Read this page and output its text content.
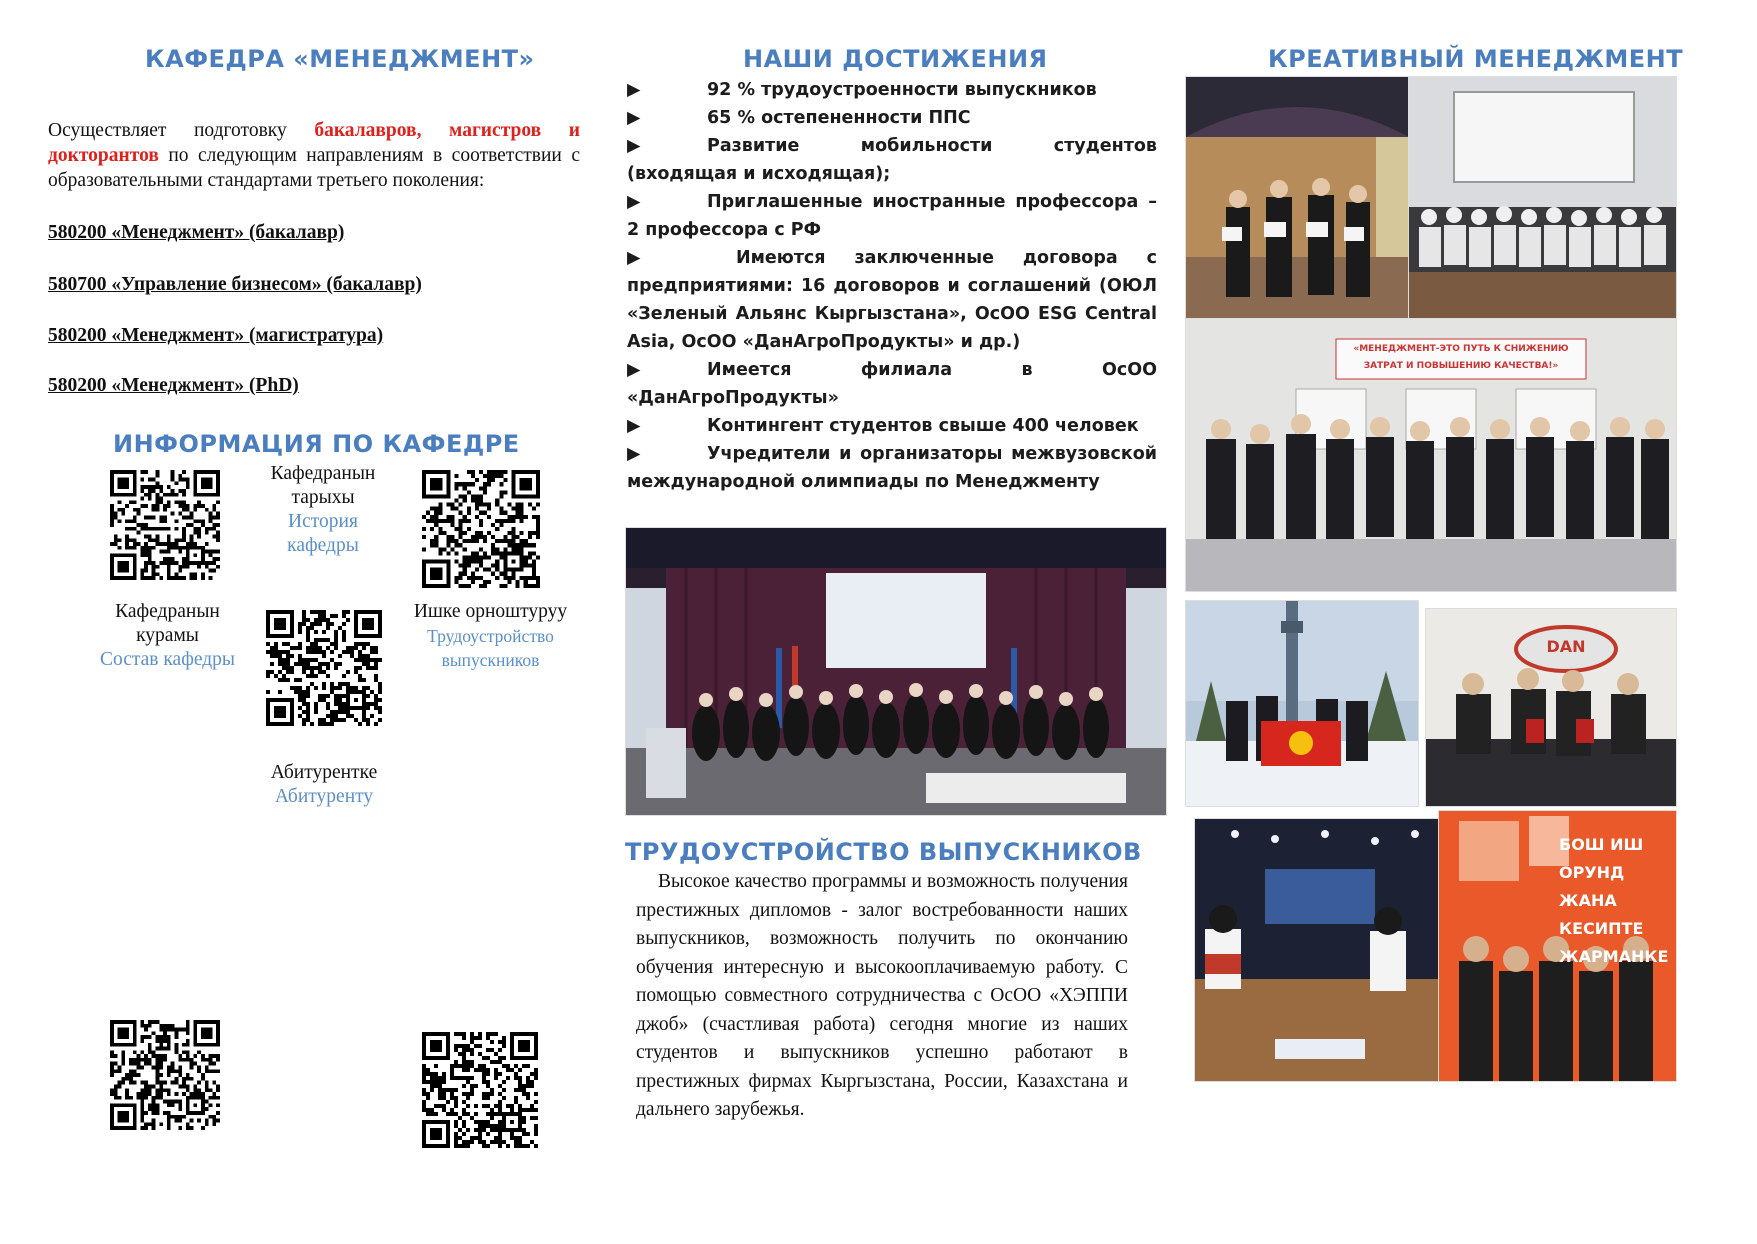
КАФЕДРА «МЕНЕДЖМЕНТ»
Осуществляет подготовку бакалавров, магистров и докторантов по следующим направлениям в соответствии с образовательными стандартами третьего поколения:
580200 «Менеджмент» (бакалавр)
580700 «Управление бизнесом» (бакалавр)
580200 «Менеджмент» (магистратура)
580200 «Менеджмент» (PhD)
ИНФОРМАЦИЯ ПО КАФЕДРЕ
Кафедранын тарыхы
История кафедры
Кафедранын курамы
Состав кафедры
Ишке орноштуруу
Трудоустройство выпускников
Абитурентке
Абитуренту
НАШИ ДОСТИЖЕНИЯ
▶	92 % трудоустроенности выпускников
▶	65 % остепененности ППС
▶	Развитие мобильности студентов (входящая и исходящая);
▶	Приглашенные иностранные профессора – 2 профессора с РФ
▶	Имеются заключенные договора с предприятиями: 16 договоров и соглашений (ОЮЛ «Зеленый Альянс Кыргызстана», ОсОО ESG Central Asia, ОсОО «ДанАгроПродукты» и др.)
▶	Имеется филиала в ОсОО «ДанАгроПродукты»
▶	Контингент студентов свыше 400 человек
▶	Учредители и организаторы межвузовской международной олимпиады по Менеджменту
ТРУДОУСТРОЙСТВО ВЫПУСКНИКОВ
Высокое качество программы и возможность получения престижных дипломов - залог востребованности наших выпускников, возможность получить по окончанию обучения интересную и высокооплачиваемую работу. С помощью совместного сотрудничества с ОсОО «ХЭППИ джоб» (счастливая работа) сегодня многие из наших студентов и выпускников успешно работают в престижных фирмах Кыргызстана, России, Казахстана и дальнего зарубежья.
КРЕАТИВНЫЙ МЕНЕДЖМЕНТ
«МЕНЕДЖМЕНТ-ЭТО ПУТЬ К СНИЖЕНИЮ ЗАТРАТ И ПОВЫШЕНИЮ КАЧЕСТВА!»
DAN
БОШ ИШ ОРУНД ЖАНА КЕСИПТЕ ЖАРМАНКЕ
